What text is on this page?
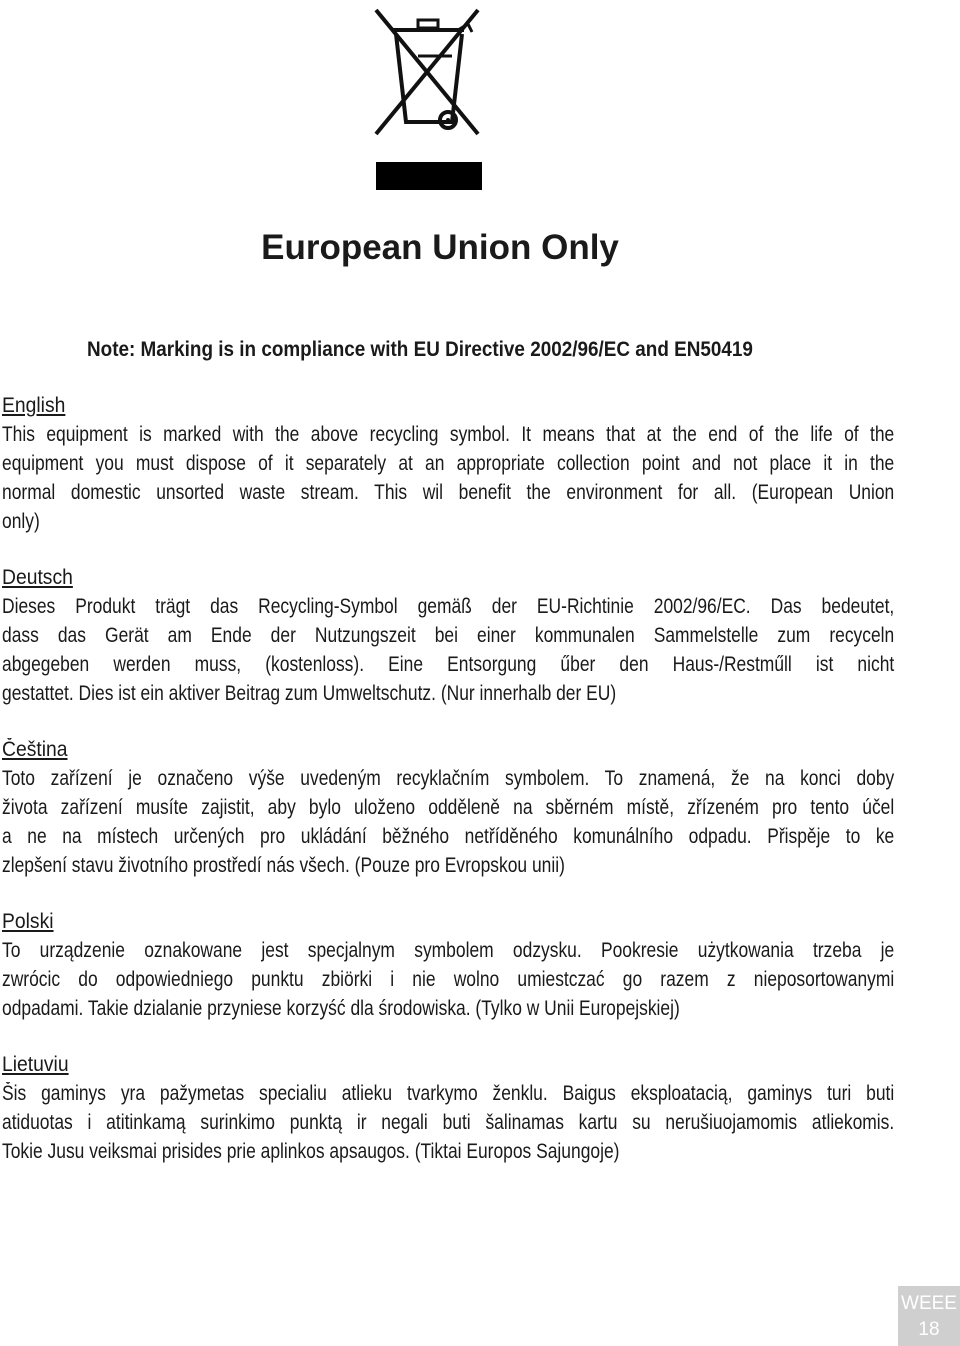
European Union Only
Note: Marking is in compliance with EU Directive 2002/96/EC and EN50419
English
This equipment is marked with the above recycling symbol. It means that at the end of the life of the
equipment you must dispose of it separately at an appropriate collection point and not place it in the
normal domestic unsorted waste stream. This wil benefit the environment for all. (European Union
only)
Deutsch
Dieses Produkt trägt das Recycling-Symbol gemäß der EU-Richtinie 2002/96/EC. Das bedeutet,
dass das Gerät am Ende der Nutzungszeit bei einer kommunalen Sammelstelle zum recyceln
abgegeben werden muss, (kostenloss). Eine Entsorgung űber den Haus-/Restműll ist nicht
gestattet. Dies ist ein aktiver Beitrag zum Umweltschutz. (Nur innerhalb der EU)
Čeština
Toto zařízení je označeno výše uvedeným recyklačním symbolem. To znamená, že na konci doby
života zařízení musíte zajistit, aby bylo uloženo odděleně na sběrném místě, zřízeném pro tento účel
a ne na místech určených pro ukládání běžného netříděného komunálního odpadu. Přispěje to ke
zlepšení stavu životního prostředí nás všech. (Pouze pro Evropskou unii)
Polski
To urządzenie oznakowane jest specjalnym symbolem odzysku. Pookresie użytkowania trzeba je
zwrócic do odpowiedniego punktu zbiörki i nie wolno umiestczać go razem z nieposortowanymi
odpadami. Takie dzialanie przyniese korzyść dla środowiska. (Tylko w Unii Europejskiej)
Lietuviu
Šis gaminys yra pažymetas specialiu atlieku tvarkymo ženklu. Baigus eksploatacią, gaminys turi buti
atiduotas i atitinkamą surinkimo punktą ir negali buti šalinamas kartu su nerušiuojamomis atliekomis.
Tokie Jusu veiksmai prisides prie aplinkos apsaugos. (Tiktai Europos Sajungoje)
WEEE
18
